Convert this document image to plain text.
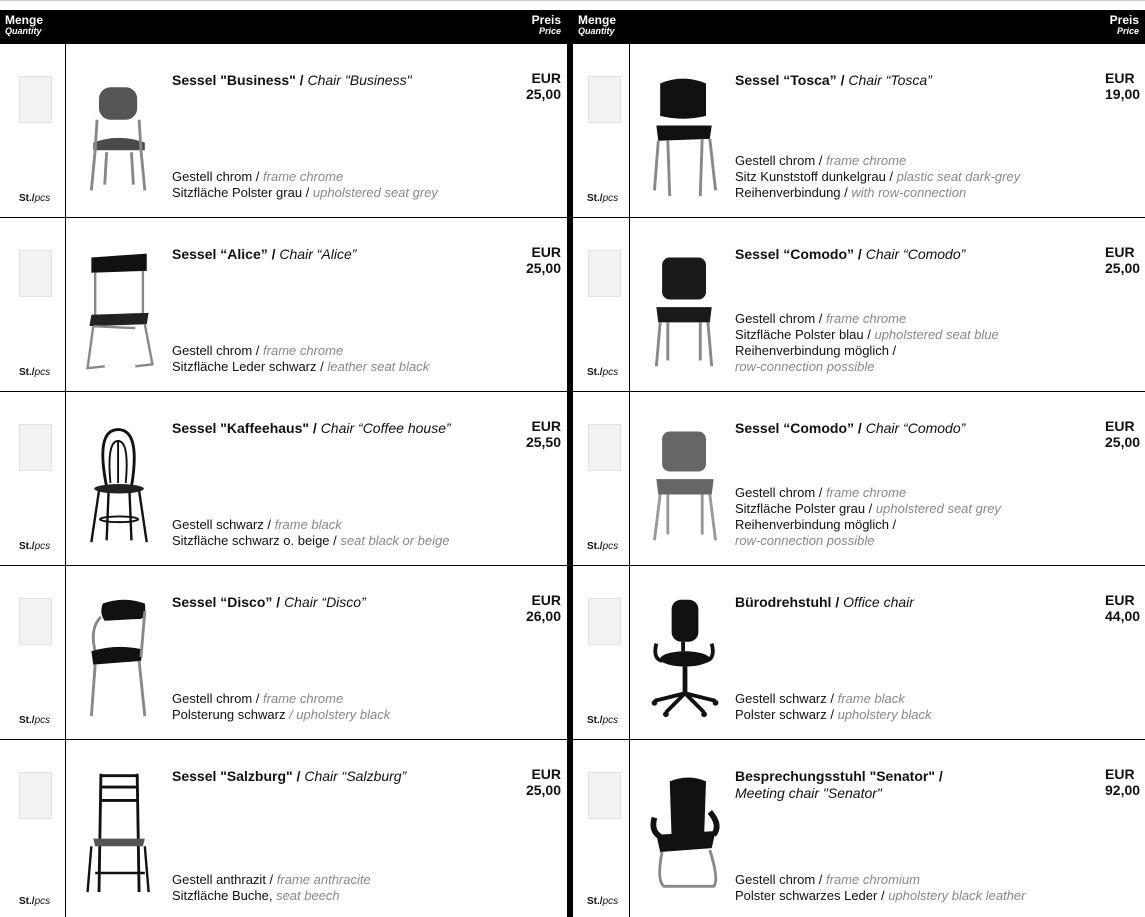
Menge
Quantity
Preis
Price
St./pcs
Sessel "Business" / Chair "Business"
Gestell chrom / frame chrome
Sitzfläche Polster grau / upholstered seat grey
EUR
25,00
St./pcs
Sessel “Alice” / Chair “Alice”
Gestell chrom / frame chrome
Sitzfläche Leder schwarz / leather seat black
EUR
25,00
St./pcs
Sessel "Kaffeehaus" / Chair “Coffee house”
Gestell schwarz / frame black
Sitzfläche schwarz o. beige / seat black or beige
EUR
25,50
St./pcs
Sessel “Disco” / Chair “Disco”
Gestell chrom / frame chrome
Polsterung schwarz / upholstery black
EUR
26,00
St./pcs
Sessel "Salzburg" / Chair “Salzburg”
Gestell anthrazit / frame anthracite
Sitzfläche Buche, seat beech
EUR
25,00
Menge
Quantity
Preis
Price
St./pcs
Sessel “Tosca” / Chair “Tosca”
Gestell chrom / frame chrome
Sitz Kunststoff dunkelgrau / plastic seat dark-grey
Reihenverbindung / with row-connection
EUR
19,00
St./pcs
Sessel “Comodo” / Chair “Comodo”
Gestell chrom / frame chrome
Sitzfläche Polster blau / upholstered seat blue
Reihenverbindung möglich /
row-connection possible
EUR
25,00
St./pcs
Sessel “Comodo” / Chair “Comodo”
Gestell chrom / frame chrome
Sitzfläche Polster grau / upholstered seat grey
Reihenverbindung möglich /
row-connection possible
EUR
25,00
St./pcs
Bürodrehstuhl / Office chair
Gestell schwarz / frame black
Polster schwarz / upholstery black
EUR
44,00
St./pcs
Besprechungsstuhl "Senator" /
Meeting chair "Senator"
Gestell chrom / frame chromium
Polster schwarzes Leder / upholstery black leather
EUR
92,00
